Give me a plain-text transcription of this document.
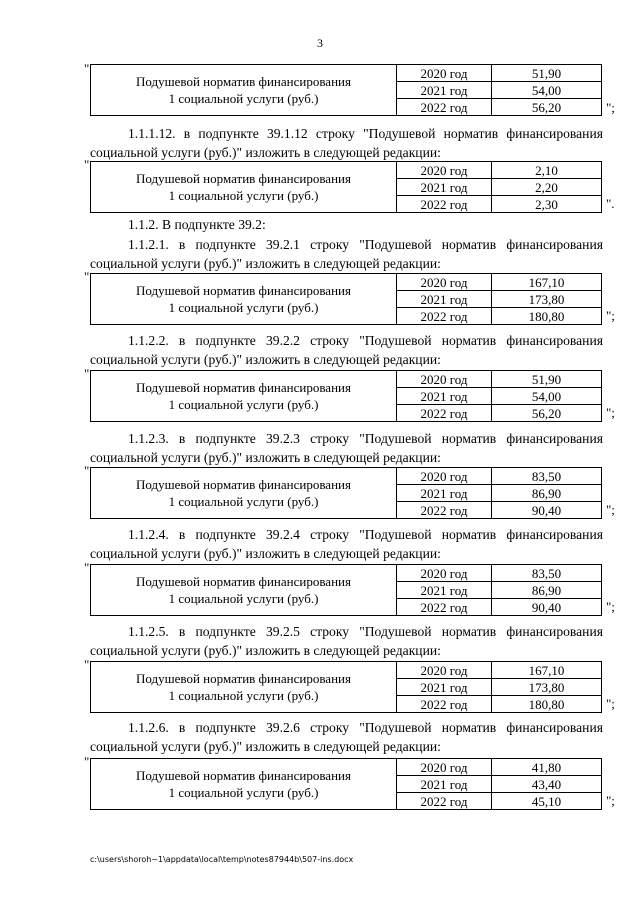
3
"
Подушевой норматив финансирования
1 социальной услуги (руб.)	2020 год	51,90
	2021 год	54,00
	2022 год	56,20	";
1.1.1.12. в подпункте 39.1.12 строку "Подушевой норматив финансирования
социальной услуги (руб.)" изложить в следующей редакции:
"
Подушевой норматив финансирования
1 социальной услуги (руб.)	2020 год	2,10
	2021 год	2,20
	2022 год	2,30	".
1.1.2. В подпункте 39.2:
1.1.2.1. в подпункте 39.2.1 строку "Подушевой норматив финансирования
социальной услуги (руб.)" изложить в следующей редакции:
"
Подушевой норматив финансирования
1 социальной услуги (руб.)	2020 год	167,10
	2021 год	173,80
	2022 год	180,80	";
1.1.2.2. в подпункте 39.2.2 строку "Подушевой норматив финансирования
социальной услуги (руб.)" изложить в следующей редакции:
"
Подушевой норматив финансирования
1 социальной услуги (руб.)	2020 год	51,90
	2021 год	54,00
	2022 год	56,20	";
1.1.2.3. в подпункте 39.2.3 строку "Подушевой норматив финансирования
социальной услуги (руб.)" изложить в следующей редакции:
"
Подушевой норматив финансирования
1 социальной услуги (руб.)	2020 год	83,50
	2021 год	86,90
	2022 год	90,40	";
1.1.2.4. в подпункте 39.2.4 строку "Подушевой норматив финансирования
социальной услуги (руб.)" изложить в следующей редакции:
"
Подушевой норматив финансирования
1 социальной услуги (руб.)	2020 год	83,50
	2021 год	86,90
	2022 год	90,40	";
1.1.2.5. в подпункте 39.2.5 строку "Подушевой норматив финансирования
социальной услуги (руб.)" изложить в следующей редакции:
"
Подушевой норматив финансирования
1 социальной услуги (руб.)	2020 год	167,10
	2021 год	173,80
	2022 год	180,80	";
1.1.2.6. в подпункте 39.2.6 строку "Подушевой норматив финансирования
социальной услуги (руб.)" изложить в следующей редакции:
"
Подушевой норматив финансирования
1 социальной услуги (руб.)	2020 год	41,80
	2021 год	43,40
	2022 год	45,10	";
c:\users\shoroh~1\appdata\local\temp\notes87944b\507-ins.docx
